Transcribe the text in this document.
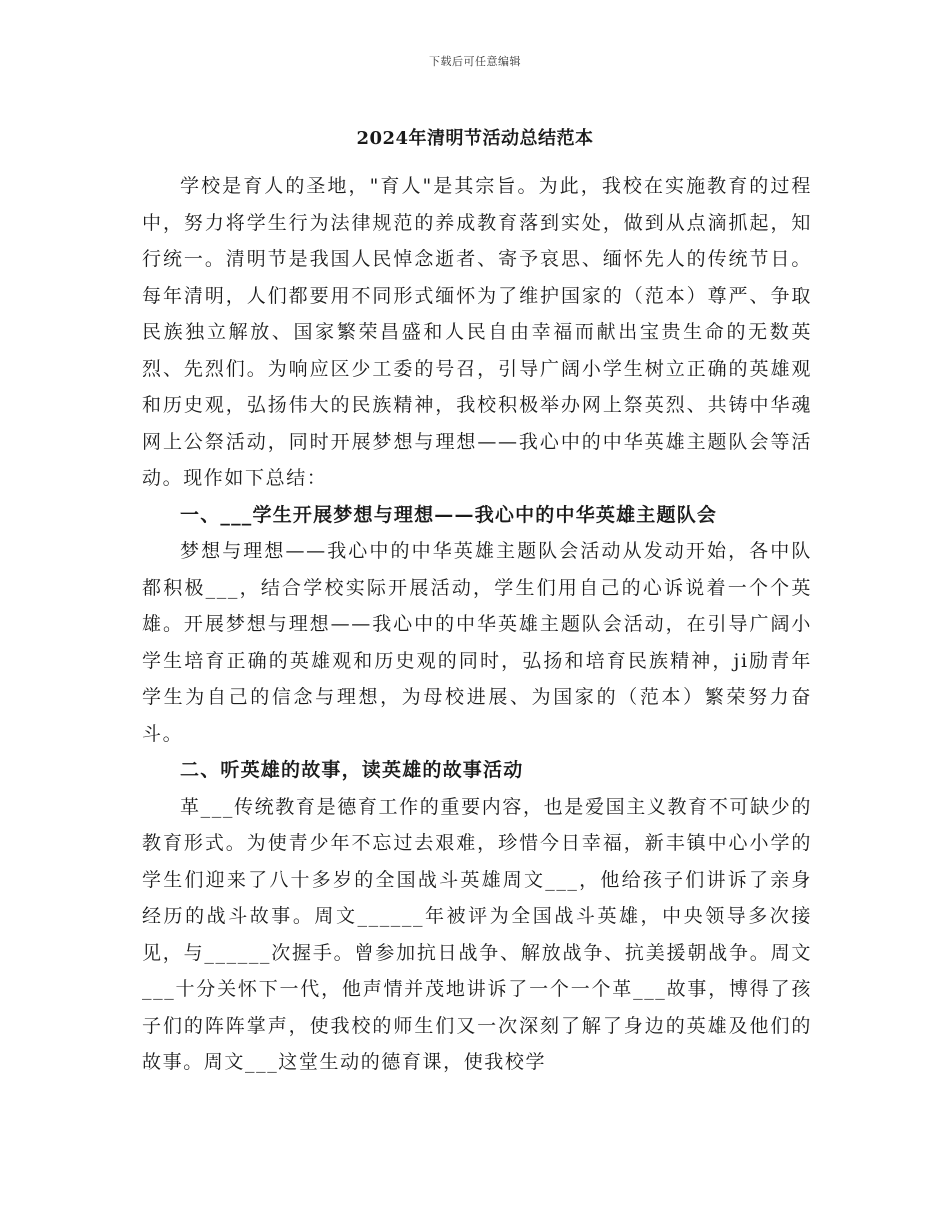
下载后可任意编辑
2024年清明节活动总结范本

学校是育人的圣地，"育人"是其宗旨。为此，我校在实施教育的过程中，努力将学生行为法律规范的养成教育落到实处，做到从点滴抓起，知行统一。清明节是我国人民悼念逝者、寄予哀思、缅怀先人的传统节日。每年清明，人们都要用不同形式缅怀为了维护国家的（范本）尊严、争取民族独立解放、国家繁荣昌盛和人民自由幸福而献出宝贵生命的无数英烈、先烈们。为响应区少工委的号召，引导广阔小学生树立正确的英雄观和历史观，弘扬伟大的民族精神，我校积极举办网上祭英烈、共铸中华魂网上公祭活动，同时开展梦想与理想——我心中的中华英雄主题队会等活动。现作如下总结：

一、___学生开展梦想与理想——我心中的中华英雄主题队会

梦想与理想——我心中的中华英雄主题队会活动从发动开始，各中队都积极___，结合学校实际开展活动，学生们用自己的心诉说着一个个英雄。开展梦想与理想——我心中的中华英雄主题队会活动，在引导广阔小学生培育正确的英雄观和历史观的同时，弘扬和培育民族精神，ji励青年学生为自己的信念与理想，为母校进展、为国家的（范本）繁荣努力奋斗。

二、听英雄的故事，读英雄的故事活动

革___传统教育是德育工作的重要内容，也是爱国主义教育不可缺少的教育形式。为使青少年不忘过去艰难，珍惜今日幸福，新丰镇中心小学的学生们迎来了八十多岁的全国战斗英雄周文___，他给孩子们讲诉了亲身经历的战斗故事。周文______年被评为全国战斗英雄，中央领导多次接见，与______次握手。曾参加抗日战争、解放战争、抗美援朝战争。周文___十分关怀下一代，他声情并茂地讲诉了一个一个革___故事，博得了孩子们的阵阵掌声，使我校的师生们又一次深刻了解了身边的英雄及他们的故事。周文___这堂生动的德育课，使我校学
